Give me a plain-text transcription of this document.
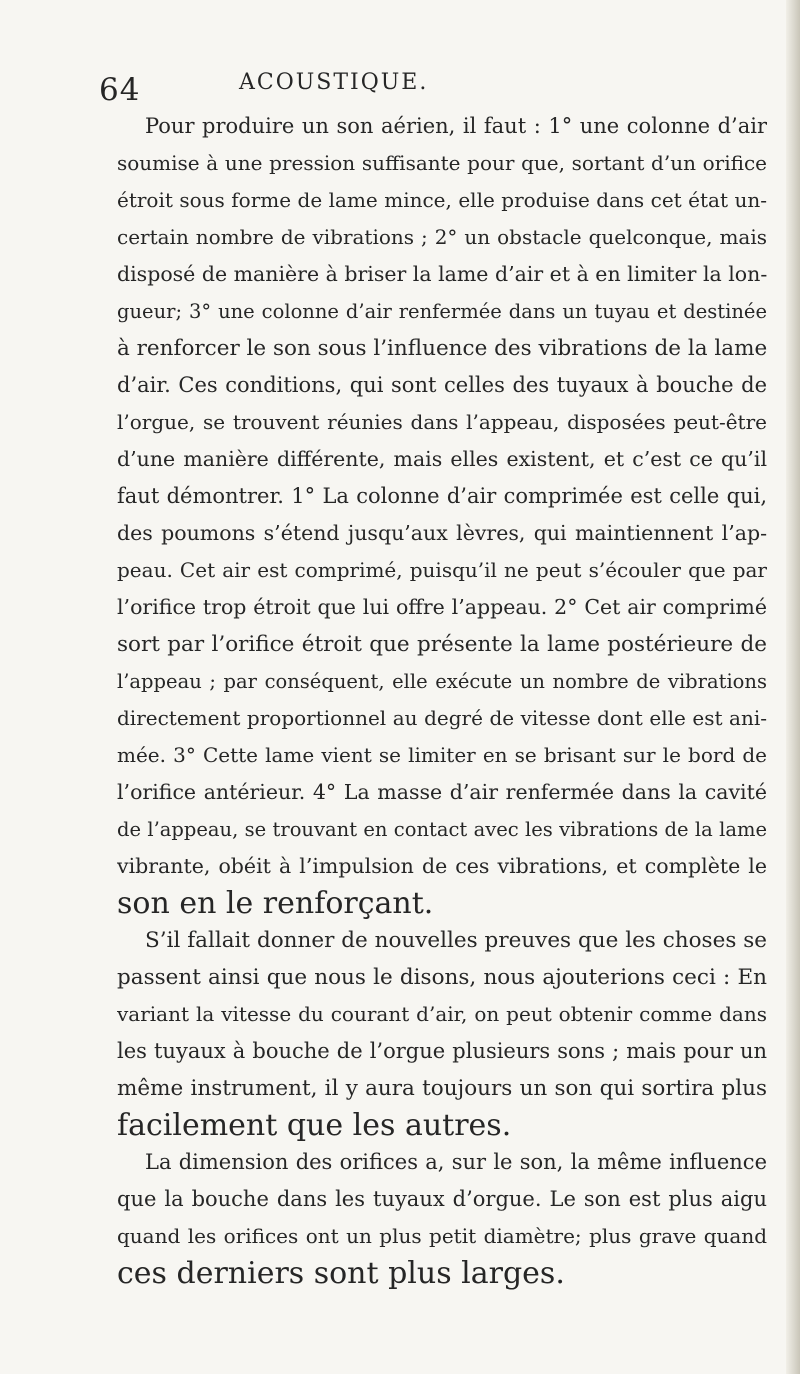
64	ACOUSTIQUE.

Pour produire un son aérien, il faut : 1° une colonne d’air
soumise à une pression suffisante pour que, sortant d’un orifice
étroit sous forme de lame mince, elle produise dans cet état un-
certain nombre de vibrations ; 2° un obstacle quelconque, mais
disposé de manière à briser la lame d’air et à en limiter la lon-
gueur; 3° une colonne d’air renfermée dans un tuyau et destinée
à renforcer le son sous l’influence des vibrations de la lame
d’air. Ces conditions, qui sont celles des tuyaux à bouche de
l’orgue, se trouvent réunies dans l’appeau, disposées peut-être
d’une manière différente, mais elles existent, et c’est ce qu’il
faut démontrer. 1° La colonne d’air comprimée est celle qui,
des poumons s’étend jusqu’aux lèvres, qui maintiennent l’ap-
peau. Cet air est comprimé, puisqu’il ne peut s’écouler que par
l’orifice trop étroit que lui offre l’appeau. 2° Cet air comprimé
sort par l’orifice étroit que présente la lame postérieure de
l’appeau ; par conséquent, elle exécute un nombre de vibrations
directement proportionnel au degré de vitesse dont elle est ani-
mée. 3° Cette lame vient se limiter en se brisant sur le bord de
l’orifice antérieur. 4° La masse d’air renfermée dans la cavité
de l’appeau, se trouvant en contact avec les vibrations de la lame
vibrante, obéit à l’impulsion de ces vibrations, et complète le
son en le renforçant.
S’il fallait donner de nouvelles preuves que les choses se
passent ainsi que nous le disons, nous ajouterions ceci : En
variant la vitesse du courant d’air, on peut obtenir comme dans
les tuyaux à bouche de l’orgue plusieurs sons ; mais pour un
même instrument, il y aura toujours un son qui sortira plus
facilement que les autres.
La dimension des orifices a, sur le son, la même influence
que la bouche dans les tuyaux d’orgue. Le son est plus aigu
quand les orifices ont un plus petit diamètre; plus grave quand
ces derniers sont plus larges.
